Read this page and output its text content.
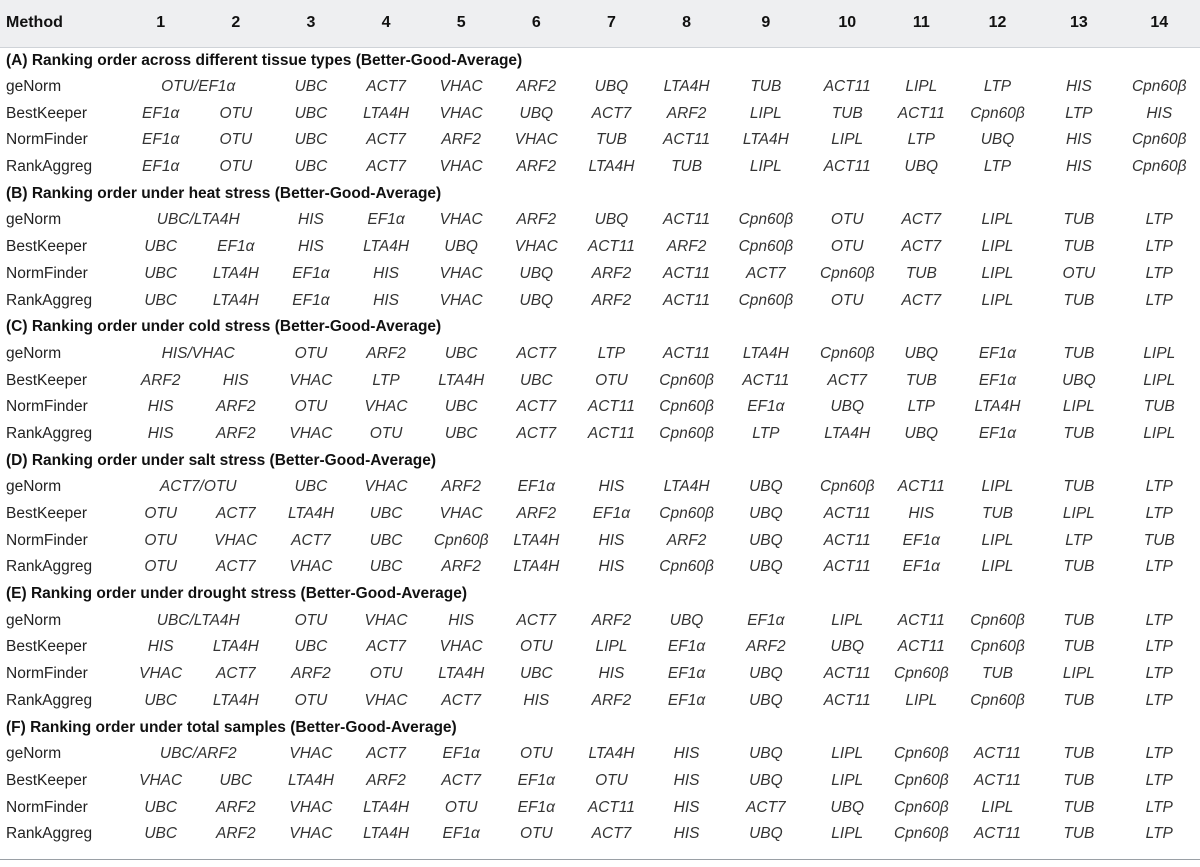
Method	1	2	3	4	5	6	7	8	9	10	11	12	13	14
(A) Ranking order across different tissue types (Better-Good-Average)														
geNorm	OTU/EF1α		UBC	ACT7	VHAC	ARF2	UBQ	LTA4H	TUB	ACT11	LIPL	LTP	HIS	Cpn60β
BestKeeper	EF1α	OTU	UBC	LTA4H	VHAC	UBQ	ACT7	ARF2	LIPL	TUB	ACT11	Cpn60β	LTP	HIS
NormFinder	EF1α	OTU	UBC	ACT7	ARF2	VHAC	TUB	ACT11	LTA4H	LIPL	LTP	UBQ	HIS	Cpn60β
RankAggreg	EF1α	OTU	UBC	ACT7	VHAC	ARF2	LTA4H	TUB	LIPL	ACT11	UBQ	LTP	HIS	Cpn60β
(B) Ranking order under heat stress (Better-Good-Average)														
geNorm	UBC/LTA4H		HIS	EF1α	VHAC	ARF2	UBQ	ACT11	Cpn60β	OTU	ACT7	LIPL	TUB	LTP
BestKeeper	UBC	EF1α	HIS	LTA4H	UBQ	VHAC	ACT11	ARF2	Cpn60β	OTU	ACT7	LIPL	TUB	LTP
NormFinder	UBC	LTA4H	EF1α	HIS	VHAC	UBQ	ARF2	ACT11	ACT7	Cpn60β	TUB	LIPL	OTU	LTP
RankAggreg	UBC	LTA4H	EF1α	HIS	VHAC	UBQ	ARF2	ACT11	Cpn60β	OTU	ACT7	LIPL	TUB	LTP
(C) Ranking order under cold stress (Better-Good-Average)														
geNorm	HIS/VHAC		OTU	ARF2	UBC	ACT7	LTP	ACT11	LTA4H	Cpn60β	UBQ	EF1α	TUB	LIPL
BestKeeper	ARF2	HIS	VHAC	LTP	LTA4H	UBC	OTU	Cpn60β	ACT11	ACT7	TUB	EF1α	UBQ	LIPL
NormFinder	HIS	ARF2	OTU	VHAC	UBC	ACT7	ACT11	Cpn60β	EF1α	UBQ	LTP	LTA4H	LIPL	TUB
RankAggreg	HIS	ARF2	VHAC	OTU	UBC	ACT7	ACT11	Cpn60β	LTP	LTA4H	UBQ	EF1α	TUB	LIPL
(D) Ranking order under salt stress (Better-Good-Average)														
geNorm	ACT7/OTU		UBC	VHAC	ARF2	EF1α	HIS	LTA4H	UBQ	Cpn60β	ACT11	LIPL	TUB	LTP
BestKeeper	OTU	ACT7	LTA4H	UBC	VHAC	ARF2	EF1α	Cpn60β	UBQ	ACT11	HIS	TUB	LIPL	LTP
NormFinder	OTU	VHAC	ACT7	UBC	Cpn60β	LTA4H	HIS	ARF2	UBQ	ACT11	EF1α	LIPL	LTP	TUB
RankAggreg	OTU	ACT7	VHAC	UBC	ARF2	LTA4H	HIS	Cpn60β	UBQ	ACT11	EF1α	LIPL	TUB	LTP
(E) Ranking order under drought stress (Better-Good-Average)														
geNorm	UBC/LTA4H		OTU	VHAC	HIS	ACT7	ARF2	UBQ	EF1α	LIPL	ACT11	Cpn60β	TUB	LTP
BestKeeper	HIS	LTA4H	UBC	ACT7	VHAC	OTU	LIPL	EF1α	ARF2	UBQ	ACT11	Cpn60β	TUB	LTP
NormFinder	VHAC	ACT7	ARF2	OTU	LTA4H	UBC	HIS	EF1α	UBQ	ACT11	Cpn60β	TUB	LIPL	LTP
RankAggreg	UBC	LTA4H	OTU	VHAC	ACT7	HIS	ARF2	EF1α	UBQ	ACT11	LIPL	Cpn60β	TUB	LTP
(F) Ranking order under total samples (Better-Good-Average)														
geNorm	UBC/ARF2		VHAC	ACT7	EF1α	OTU	LTA4H	HIS	UBQ	LIPL	Cpn60β	ACT11	TUB	LTP
BestKeeper	VHAC	UBC	LTA4H	ARF2	ACT7	EF1α	OTU	HIS	UBQ	LIPL	Cpn60β	ACT11	TUB	LTP
NormFinder	UBC	ARF2	VHAC	LTA4H	OTU	EF1α	ACT11	HIS	ACT7	UBQ	Cpn60β	LIPL	TUB	LTP
RankAggreg	UBC	ARF2	VHAC	LTA4H	EF1α	OTU	ACT7	HIS	UBQ	LIPL	Cpn60β	ACT11	TUB	LTP
